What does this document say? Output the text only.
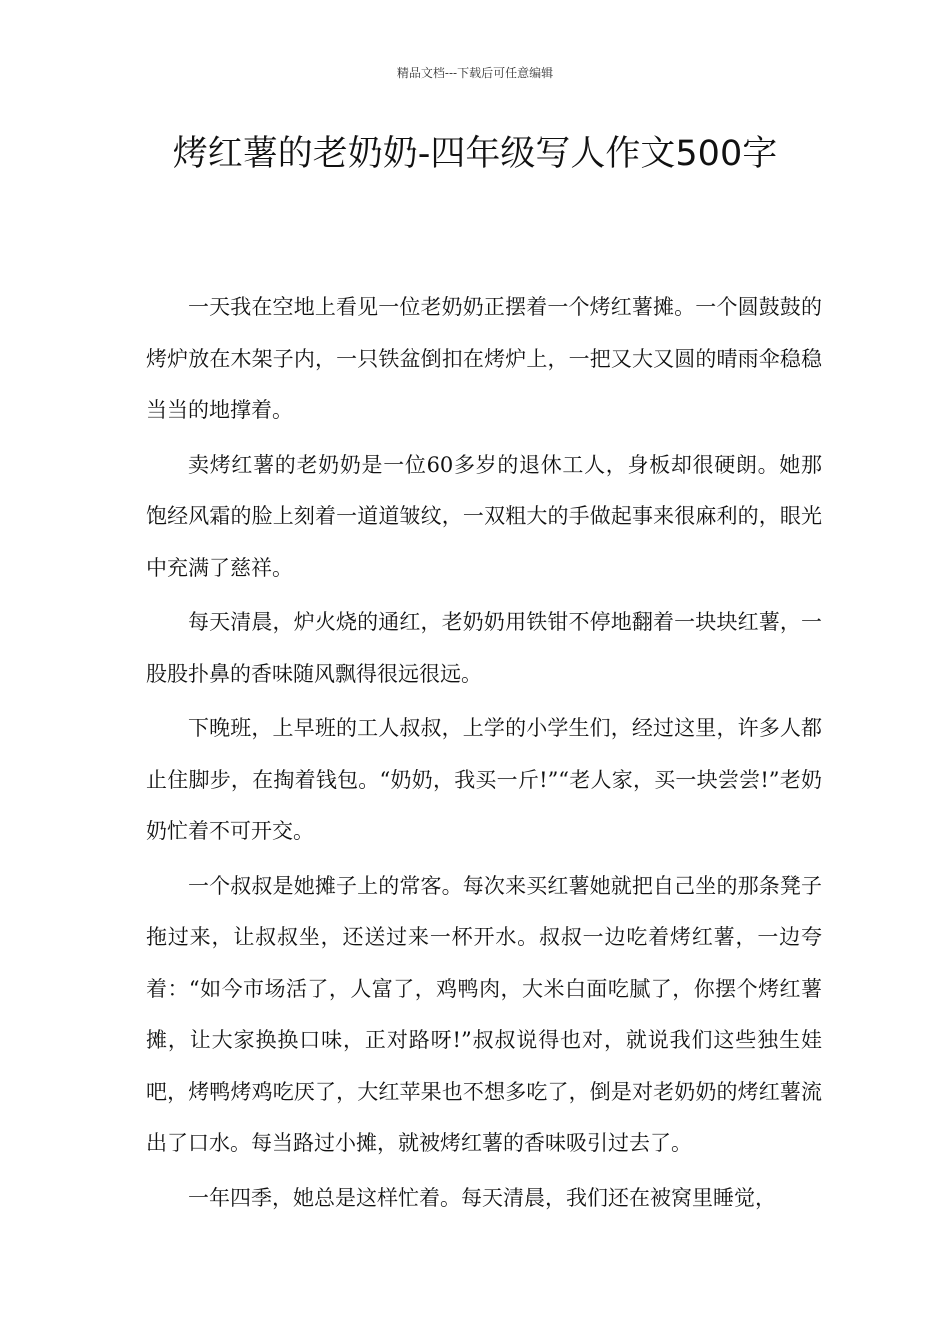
精品文档---下载后可任意编辑
烤红薯的老奶奶-四年级写人作文500字

一天我在空地上看见一位老奶奶正摆着一个烤红薯摊。一个圆鼓鼓的烤炉放在木架子内，一只铁盆倒扣在烤炉上，一把又大又圆的晴雨伞稳稳当当的地撑着。

卖烤红薯的老奶奶是一位60多岁的退休工人，身板却很硬朗。她那饱经风霜的脸上刻着一道道皱纹，一双粗大的手做起事来很麻利的，眼光中充满了慈祥。

每天清晨，炉火烧的通红，老奶奶用铁钳不停地翻着一块块红薯，一股股扑鼻的香味随风飘得很远很远。

下晚班，上早班的工人叔叔，上学的小学生们，经过这里，许多人都止住脚步，在掏着钱包。“奶奶，我买一斤!”“老人家，买一块尝尝!”老奶奶忙着不可开交。

一个叔叔是她摊子上的常客。每次来买红薯她就把自己坐的那条凳子拖过来，让叔叔坐，还送过来一杯开水。叔叔一边吃着烤红薯，一边夸着：“如今市场活了，人富了，鸡鸭肉，大米白面吃腻了，你摆个烤红薯摊，让大家换换口味，正对路呀!”叔叔说得也对，就说我们这些独生娃吧，烤鸭烤鸡吃厌了，大红苹果也不想多吃了，倒是对老奶奶的烤红薯流出了口水。每当路过小摊，就被烤红薯的香味吸引过去了。

一年四季，她总是这样忙着。每天清晨，我们还在被窝里睡觉，
